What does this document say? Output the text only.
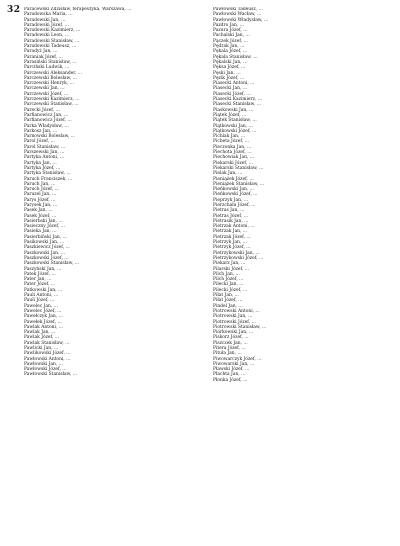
32 Paracewski Zdzisław, ferapeutyka, Warszawa, …

Paradowska Maria, …

Paradowski Jan, …

Paradowski Józef, …

Paradowski Kazimierz, …

Paradowski Leon, …

Paradowski Stanisław, …

Paradowski Tadeusz, …

Paradyż Jan, …

Paraniak Józef, …

Parasiński Stanisław, …

Parciński Ludwik, …

Parczewski Aleksander, …

Parczewski Bolesław, …

Parczewski Henryk, …

Parczewski Jan, …

Parczewski Józef, …

Parczewski Kazimierz, …

Parczewski Stanisław, …

Parecki Józef, …

Parfianowicz Jan, …

Parfianowicz Józef, …

Parka Władysław, …

Parkosz Jan, …

Parnowski Bolesław, …

Parol Józef, …

Parol Stanisław, …

Parszewski Jan, …

Partyka Antoni, …

Partyka Jan, …

Partyka Józef, …

Partyka Stanisław, …

Paruch Franciszek, …

Paruch Jan, …

Paruch Józef, …

Paruzel Jan, …

Parys Józef, …

Parysek Jan, …

Pasek Jan, …

Pasek Józef, …

Pasierbski Jan, …

Pasieczny Józef, …

Pasieka Jan, …

Pasierbiński Jan, …

Pasikowski Jan, …

Paszkiewicz Józef, …

Paszkowski Jan, …

Paszkowski Józef, …

Paszkowski Stanisław, …

Paszyński Jan, …

Patek Józef, …

Pater Jan, …

Pater Józef, …

Patkowski Jan, …

Pauli Antoni, …

Pauli Józef, …

Pawelec Jan, …

Pawelec Józef, …

Pawełczyk Jan, …

Pawełek Józef, …

Pawlak Antoni, …

Pawlak Jan, …

Pawlak Józef, …

Pawlak Stanisław, …

Pawlicki Jan, …

Pawlikowski Józef, …

Pawłowski Antoni, …

Pawłowski Jan, …

Pawłowski Józef, …

Pawłowski Stanisław, …

Pawłowski Tadeusz, …

Pawłowski Wacław, …

Pawłowski Władysław, …

Pazdro Jan, …

Pazura Józef, …

Pachalski Jan, …

Pączek Józef, …

Pędrak Jan, …

Pękala Józef, …

Pękala Stanisław, …

Pękalski Jan, …

Pęksa Józef, …

Pęski Jan, …

Pęzik Józef, …

Piasecki Antoni, …

Piasecki Jan, …

Piasecki Józef, …

Piasecki Kazimierz, …

Piasecki Stanisław, …

Piaskowski Jan, …

Piątek Józef, …

Piątek Stanisław, …

Piątkowski Jan, …

Piątkowski Józef, …

Pichlak Jan, …

Picheta Józef, …

Pieczonka Jan, …

Piechota Józef, …

Piechowiak Jan, …

Piekarski Józef, …

Piekarski Stanisław, …

Pielak Jan, …

Pieniążek Józef, …

Pieniążek Stanisław, …

Pieńkowski Jan, …

Pieńkowski Józef, …

Pieprzyk Jan, …

Pierzchała Józef, …

Pietras Jan, …

Pietras Józef, …

Pietrasik Jan, …

Pietrzak Antoni, …

Pietrzak Jan, …

Pietrzak Józef, …

Pietrzyk Jan, …

Pietrzyk Józef, …

Pietrzykowski Jan, …

Pietrzykowski Józef, …

Piekarz Jan, …

Pilarski Józef, …

Pilch Jan, …

Pilch Józef, …

Pilecki Jan, …

Pilecki Józef, …

Piłat Jan, …

Piłat Józef, …

Pindel Jan, …

Piotrowski Antoni, …

Piotrowski Jan, …

Piotrowski Józef, …

Piotrowski Stanisław, …

Piórkowski Jan, …

Piskorz Józef, …

Piszczek Jan, …

Pitera Józef, …

Pituła Jan, …

Piwowarczyk Józef, …

Piwowarski Jan, …

Pławski Józef, …

Płachta Jan, …

Płonka Józef, …
